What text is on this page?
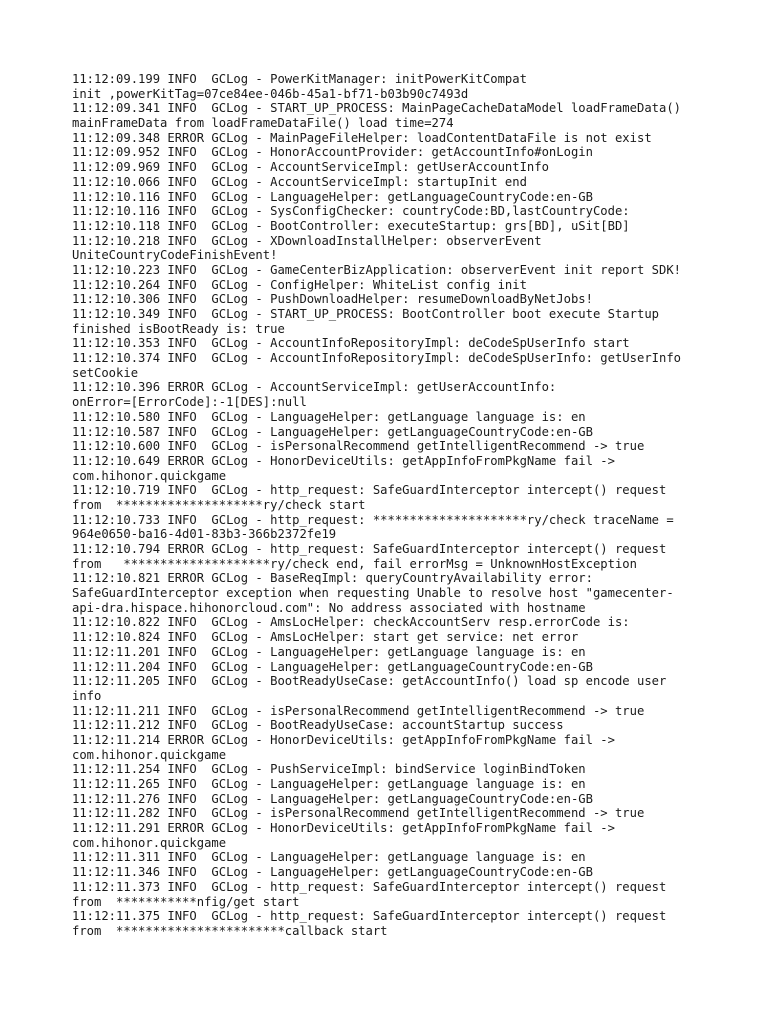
11:12:09.199 INFO  GCLog - PowerKitManager: initPowerKitCompat
init ,powerKitTag=07ce84ee-046b-45a1-bf71-b03b90c7493d
11:12:09.341 INFO  GCLog - START_UP_PROCESS: MainPageCacheDataModel loadFrameData()
mainFrameData from loadFrameDataFile() load time=274
11:12:09.348 ERROR GCLog - MainPageFileHelper: loadContentDataFile is not exist
11:12:09.952 INFO  GCLog - HonorAccountProvider: getAccountInfo#onLogin
11:12:09.969 INFO  GCLog - AccountServiceImpl: getUserAccountInfo
11:12:10.066 INFO  GCLog - AccountServiceImpl: startupInit end
11:12:10.116 INFO  GCLog - LanguageHelper: getLanguageCountryCode:en-GB
11:12:10.116 INFO  GCLog - SysConfigChecker: countryCode:BD,lastCountryCode:
11:12:10.118 INFO  GCLog - BootController: executeStartup: grs[BD], uSit[BD]
11:12:10.218 INFO  GCLog - XDownloadInstallHelper: observerEvent
UniteCountryCodeFinishEvent!
11:12:10.223 INFO  GCLog - GameCenterBizApplication: observerEvent init report SDK!
11:12:10.264 INFO  GCLog - ConfigHelper: WhiteList config init
11:12:10.306 INFO  GCLog - PushDownloadHelper: resumeDownloadByNetJobs!
11:12:10.349 INFO  GCLog - START_UP_PROCESS: BootController boot execute Startup
finished isBootReady is: true
11:12:10.353 INFO  GCLog - AccountInfoRepositoryImpl: deCodeSpUserInfo start
11:12:10.374 INFO  GCLog - AccountInfoRepositoryImpl: deCodeSpUserInfo: getUserInfo
setCookie
11:12:10.396 ERROR GCLog - AccountServiceImpl: getUserAccountInfo:
onError=[ErrorCode]:-1[DES]:null
11:12:10.580 INFO  GCLog - LanguageHelper: getLanguage language is: en
11:12:10.587 INFO  GCLog - LanguageHelper: getLanguageCountryCode:en-GB
11:12:10.600 INFO  GCLog - isPersonalRecommend getIntelligentRecommend -> true
11:12:10.649 ERROR GCLog - HonorDeviceUtils: getAppInfoFromPkgName fail ->
com.hihonor.quickgame
11:12:10.719 INFO  GCLog - http_request: SafeGuardInterceptor intercept() request
from  ********************ry/check start
11:12:10.733 INFO  GCLog - http_request: *********************ry/check traceName =
964e0650-ba16-4d01-83b3-366b2372fe19
11:12:10.794 ERROR GCLog - http_request: SafeGuardInterceptor intercept() request
from   ********************ry/check end, fail errorMsg = UnknownHostException
11:12:10.821 ERROR GCLog - BaseReqImpl: queryCountryAvailability error:
SafeGuardInterceptor exception when requesting Unable to resolve host "gamecenter-
api-dra.hispace.hihonorcloud.com": No address associated with hostname
11:12:10.822 INFO  GCLog - AmsLocHelper: checkAccountServ resp.errorCode is:
11:12:10.824 INFO  GCLog - AmsLocHelper: start get service: net error
11:12:11.201 INFO  GCLog - LanguageHelper: getLanguage language is: en
11:12:11.204 INFO  GCLog - LanguageHelper: getLanguageCountryCode:en-GB
11:12:11.205 INFO  GCLog - BootReadyUseCase: getAccountInfo() load sp encode user
info
11:12:11.211 INFO  GCLog - isPersonalRecommend getIntelligentRecommend -> true
11:12:11.212 INFO  GCLog - BootReadyUseCase: accountStartup success
11:12:11.214 ERROR GCLog - HonorDeviceUtils: getAppInfoFromPkgName fail ->
com.hihonor.quickgame
11:12:11.254 INFO  GCLog - PushServiceImpl: bindService loginBindToken
11:12:11.265 INFO  GCLog - LanguageHelper: getLanguage language is: en
11:12:11.276 INFO  GCLog - LanguageHelper: getLanguageCountryCode:en-GB
11:12:11.282 INFO  GCLog - isPersonalRecommend getIntelligentRecommend -> true
11:12:11.291 ERROR GCLog - HonorDeviceUtils: getAppInfoFromPkgName fail ->
com.hihonor.quickgame
11:12:11.311 INFO  GCLog - LanguageHelper: getLanguage language is: en
11:12:11.346 INFO  GCLog - LanguageHelper: getLanguageCountryCode:en-GB
11:12:11.373 INFO  GCLog - http_request: SafeGuardInterceptor intercept() request
from  ***********nfig/get start
11:12:11.375 INFO  GCLog - http_request: SafeGuardInterceptor intercept() request
from  ***********************callback start
